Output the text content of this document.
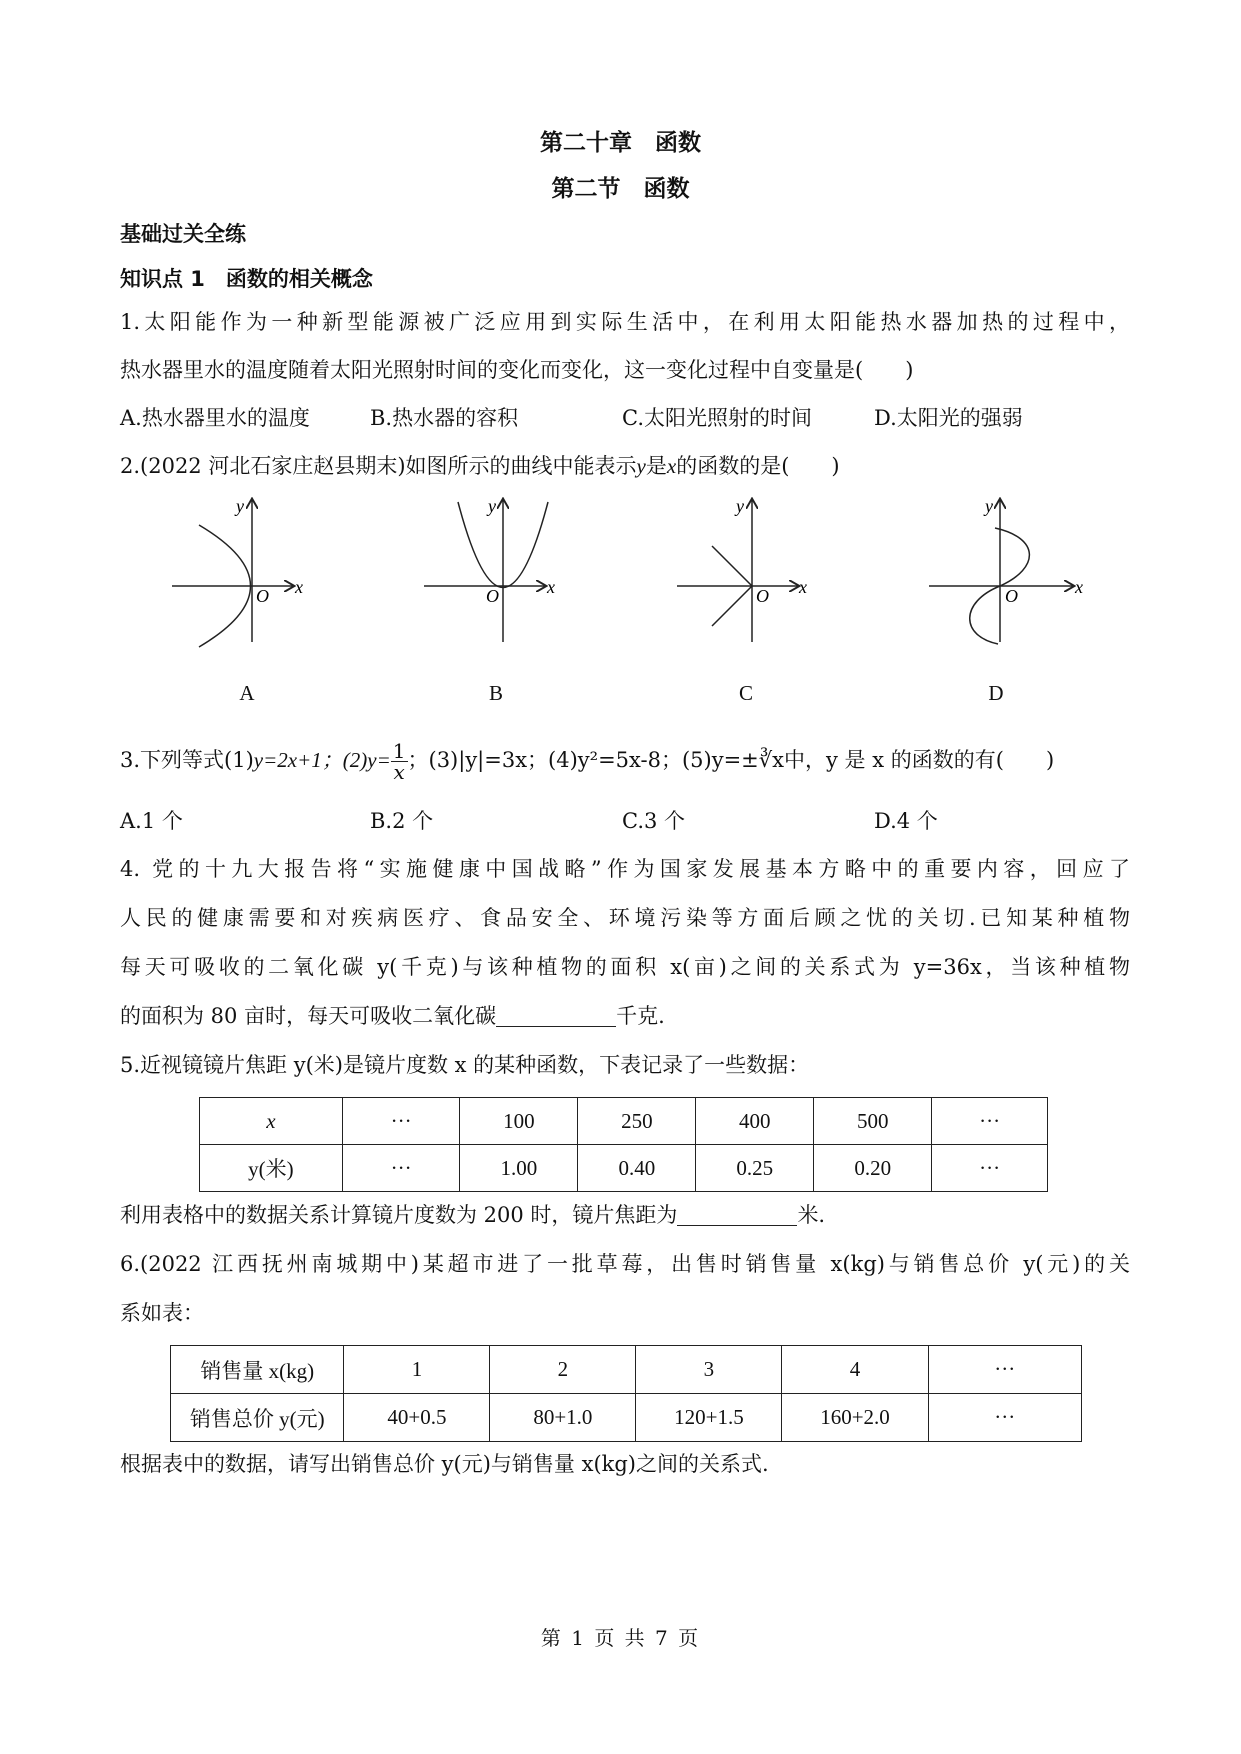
第二十章　函数
第二节　函数
基础过关全练
知识点 1　函数的相关概念
1.太阳能作为一种新型能源被广泛应用到实际生活中，在利用太阳能热水器加热的过程中，
热水器里水的温度随着太阳光照射时间的变化而变化，这一变化过程中自变量是(　　)
A.热水器里水的温度	B.热水器的容积	C.太阳光照射的时间	D.太阳光的强弱
2.(2022 河北石家庄赵县期末)如图所示的曲线中能表示y是x的函数的是(　　)
O x
y
O	x
y
O x
y
O	x
y
A	B	C	D
3.下列等式(1)y=2x+1；$(2)y= \frac{1}{x}$ ；(3)|y|=3x；(4)y²=5x-8；(5)y=±∛x中，y 是 x 的函数的有(　　)
A.1 个	B.2 个	C.3 个	D.4 个
4. 党的十九大报告将“实施健康中国战略”作为国家发展基本方略中的重要内容，回应了
人民的健康需要和对疾病医疗、食品安全、环境污染等方面后顾之忧的关切.已知某种植物
每天可吸收的二氧化碳 y(千克)与该种植物的面积 x(亩)之间的关系式为 y=36x，当该种植物
的面积为 80 亩时，每天可吸收二氧化碳	千克.
5.近视镜镜片焦距 y(米)是镜片度数 x 的某种函数，下表记录了一些数据：
x	···	100	250	400	500	···
y(米)	···	1.00	0.40	0.25	0.20	···
利用表格中的数据关系计算镜片度数为 200 时，镜片焦距为	米.
6.(2022 江西抚州南城期中)某超市进了一批草莓，出售时销售量 x(kg)与销售总价 y(元)的关
系如表：
销售量 x(kg)	1	2	3	4	···
销售总价 y(元)	40+0.5	80+1.0	120+1.5	160+2.0	···
根据表中的数据，请写出销售总价 y(元)与销售量 x(kg)之间的关系式.
第 1 页 共 7 页
